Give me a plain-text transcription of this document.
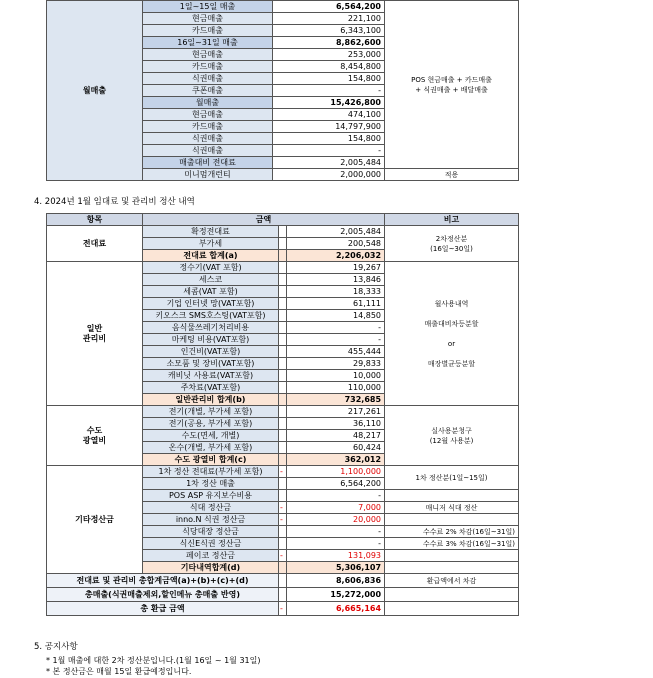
월매출	1일~15일 매출	6,564,200	POS 현금매출 + 카드매출
+ 식권매출 + 배달매출
	현금매출	221,100	
	카드매출	6,343,100	
	16일~31일 매출	8,862,600	
	현금매출	253,000	
	카드매출	8,454,800	
	식권매출	154,800	
	쿠폰매출	-	
	월매출	15,426,800	
	현금매출	474,100	
	카드매출	14,797,900	
	식권매출	154,800	
	식권매출	-	
	매출대비 전대료	2,005,484	
	미니멈개런티	2,000,000	적용
4. 2024년 1월 임대료 및 관리비 정산 내역
항목	금액			비고
전대료	확정전대료		2,005,484	2차정산분
(16일~30일)
	부가세		200,548	
	전대료 합계(a)		2,206,032	
일반
관리비	정수기(VAT 포함)		19,267	월사용내역

매출대비차등분할

or

매장별균등분할
	세스코		13,846	
	세콤(VAT 포함)		18,333	
	기업 인터넷 망(VAT포함)		61,111	
	키오스크 SMS호스팅(VAT포함)		14,850	
	음식물쓰레기처리비용		-	
	마케팅 비용(VAT포함)		-	
	인건비(VAT포함)		455,444	
	소모품 및 장비(VAT포함)		29,833	
	캐비닛 사용료(VAT포함)		10,000	
	주차료(VAT포함)		110,000	
	일반관리비 합계(b)		732,685	
수도
광열비	전기(개별, 부가세 포함)		217,261	실사용분청구
(12월 사용분)
	전기(공용, 부가세 포함)		36,110	
	수도(면세, 개별)		48,217	
	온수(개별, 부가세 포함)		60,424	
	수도 광열비 합계(c)		362,012	
기타정산금	1차 정산 전대료(부가세 포함)	-	1,100,000	1차 정산분(1일~15일)
	1차 정산 매출		6,564,200	
	POS ASP 유지보수비용		-	
	식대 정산금	-	7,000	매니저 식대 정산
	inno.N 식권 정산금	-	20,000	
	식당대장 정산금		-	수수료 2% 차감(16일~31일)
	식신E식권 정산금		-	수수료 3% 차감(16일~31일)
	페이코 정산금	-	131,093	
	기타내역합계(d)		5,306,107	
전대료 및 관리비 총합계금액(a)+(b)+(c)+(d)			8,606,836	환급액에서 차감
총매출(식권매출제외,할인메뉴 총매출 반영)			15,272,000	
총 환급 금액		-	6,665,164	
5. 공지사항
* 1월 매출에 대한 2차 정산분입니다.(1월 16일 ~ 1월 31일)
* 본 정산금은 매월 15일 환급예정입니다.
